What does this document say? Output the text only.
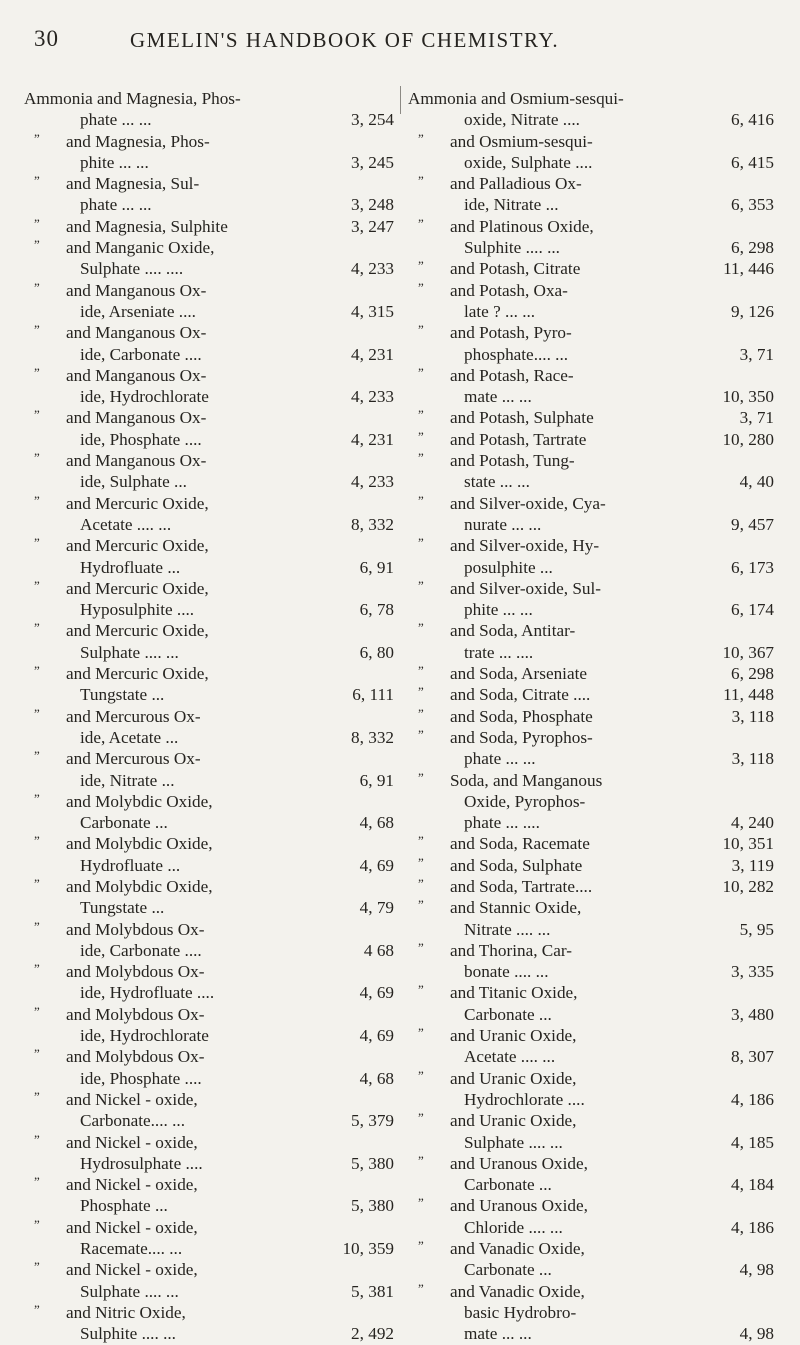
30	GMELIN'S HANDBOOK OF CHEMISTRY.
Ammonia and Magnesia, Phos-
phate ... ...	3, 254
” and Magnesia, Phos-
phite ... ...	3, 245
” and Magnesia, Sul-
phate ... ...	3, 248
” and Magnesia, Sulphite	3, 247
” and Manganic Oxide,
Sulphate .... ....	4, 233
” and Manganous Ox-
ide, Arseniate ....	4, 315
” and Manganous Ox-
ide, Carbonate ....	4, 231
” and Manganous Ox-
ide, Hydrochlorate	4, 233
” and Manganous Ox-
ide, Phosphate ....	4, 231
” and Manganous Ox-
ide, Sulphate ...	4, 233
” and Mercuric Oxide,
Acetate .... ...	8, 332
” and Mercuric Oxide,
Hydrofluate ...	6, 91
” and Mercuric Oxide,
Hyposulphite ....	6, 78
” and Mercuric Oxide,
Sulphate .... ...	6, 80
” and Mercuric Oxide,
Tungstate ...	6, 111
” and Mercurous Ox-
ide, Acetate ...	8, 332
” and Mercurous Ox-
ide, Nitrate ...	6, 91
” and Molybdic Oxide,
Carbonate ...	4, 68
” and Molybdic Oxide,
Hydrofluate ...	4, 69
” and Molybdic Oxide,
Tungstate ...	4, 79
” and Molybdous Ox-
ide, Carbonate ....	4 68
” and Molybdous Ox-
ide, Hydrofluate ....	4, 69
” and Molybdous Ox-
ide, Hydrochlorate	4, 69
” and Molybdous Ox-
ide, Phosphate ....	4, 68
” and Nickel - oxide,
Carbonate.... ...	5, 379
” and Nickel - oxide,
Hydrosulphate ....	5, 380
” and Nickel - oxide,
Phosphate ...	5, 380
” and Nickel - oxide,
Racemate.... ...	10, 359
” and Nickel - oxide,
Sulphate .... ...	5, 381
” and Nitric Oxide,
Sulphite .... ...	2, 492
Ammonia and Osmium-sesqui-
oxide, Nitrate ....	6, 416
” and Osmium-sesqui-
oxide, Sulphate ....	6, 415
” and Palladious Ox-
ide, Nitrate ...	6, 353
” and Platinous Oxide,
Sulphite .... ...	6, 298
” and Potash, Citrate	11, 446
” and Potash, Oxa-
late ? ... ...	9, 126
” and Potash, Pyro-
phosphate.... ...	3, 71
” and Potash, Race-
mate ... ...	10, 350
” and Potash, Sulphate	3, 71
” and Potash, Tartrate	10, 280
” and Potash, Tung-
state ... ...	4, 40
” and Silver-oxide, Cya-
nurate ... ...	9, 457
” and Silver-oxide, Hy-
posulphite ...	6, 173
” and Silver-oxide, Sul-
phite ... ...	6, 174
” and Soda, Antitar-
trate ... ....	10, 367
” and Soda, Arseniate	6, 298
” and Soda, Citrate ....	11, 448
” and Soda, Phosphate	3, 118
” and Soda, Pyrophos-
phate ... ...	3, 118
” Soda, and Manganous
Oxide, Pyrophos-
phate ... ....	4, 240
” and Soda, Racemate	10, 351
” and Soda, Sulphate	3, 119
” and Soda, Tartrate....	10, 282
” and Stannic Oxide,
Nitrate .... ...	5, 95
” and Thorina, Car-
bonate .... ...	3, 335
” and Titanic Oxide,
Carbonate ...	3, 480
” and Uranic Oxide,
Acetate .... ...	8, 307
” and Uranic Oxide,
Hydrochlorate ....	4, 186
” and Uranic Oxide,
Sulphate .... ...	4, 185
” and Uranous Oxide,
Carbonate ...	4, 184
” and Uranous Oxide,
Chloride .... ...	4, 186
” and Vanadic Oxide,
Carbonate ...	4, 98
” and Vanadic Oxide,
basic Hydrobro-
mate ... ...	4, 98
